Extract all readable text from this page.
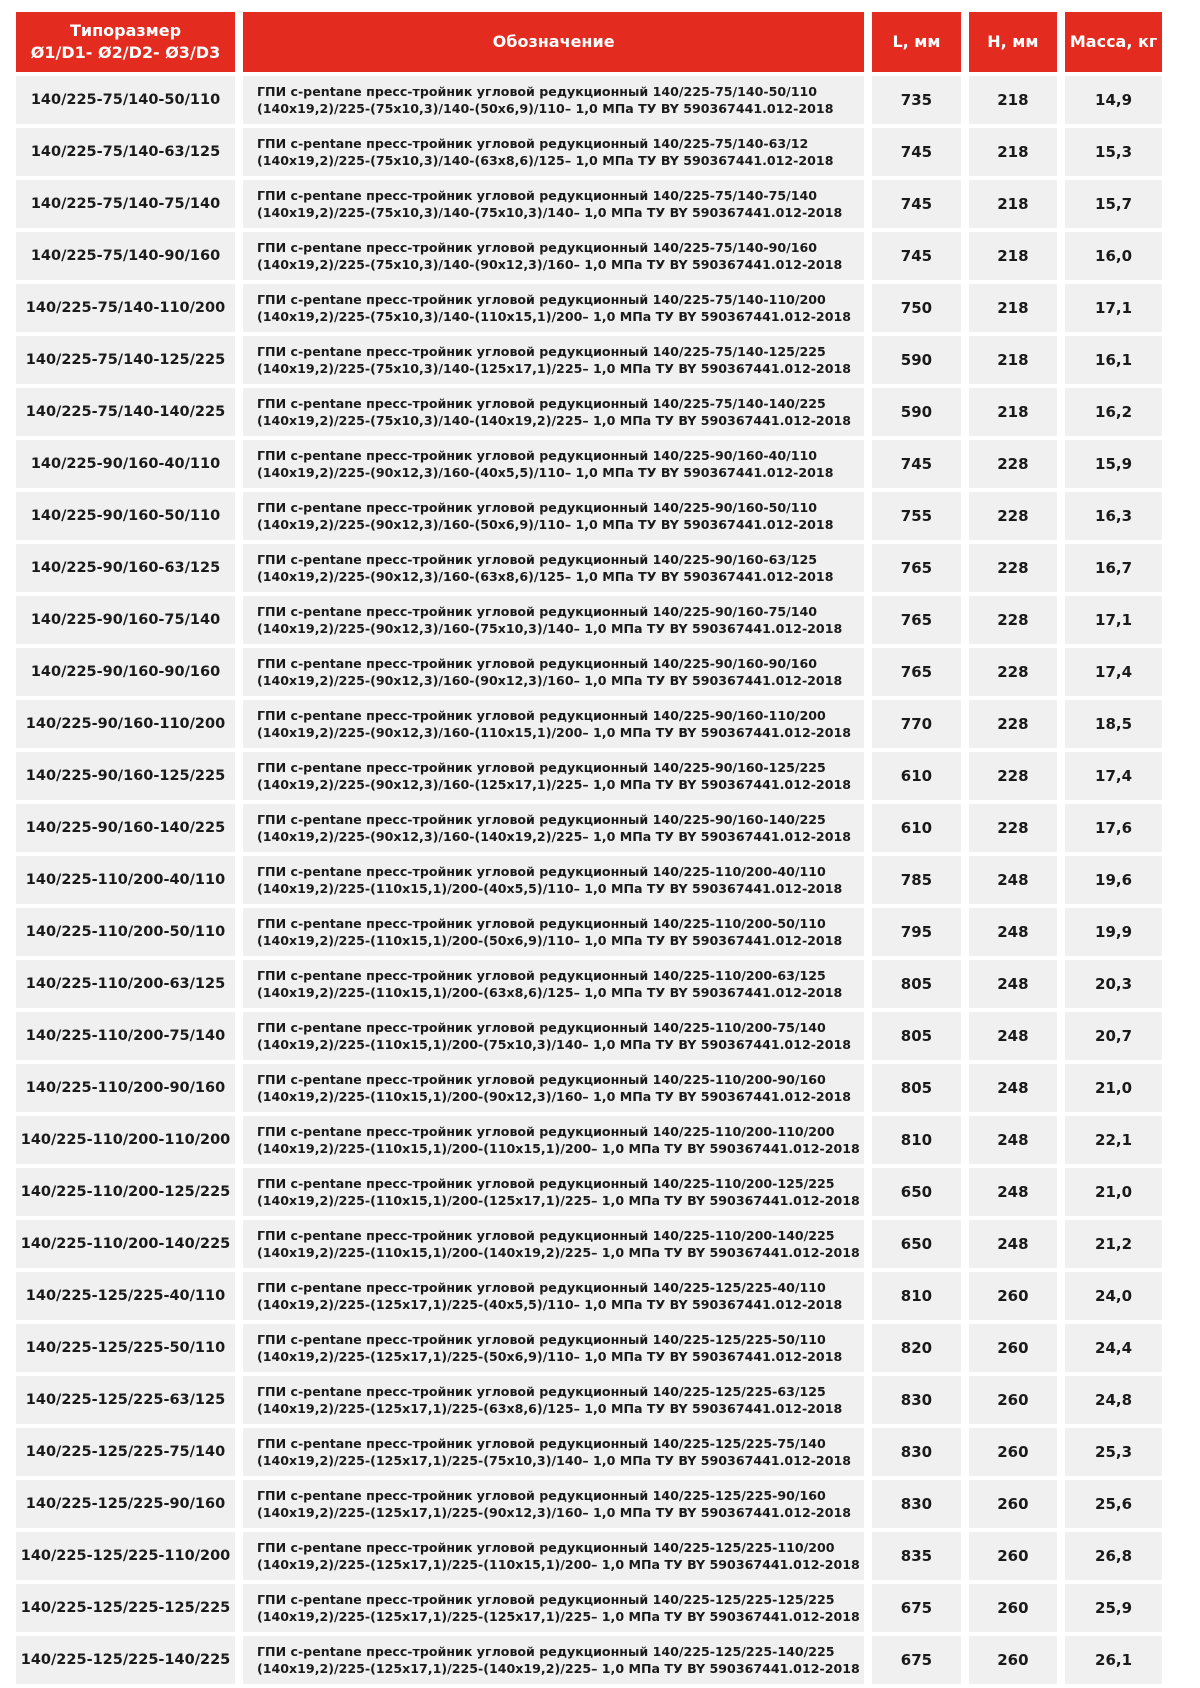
Типоразмер
Ø1/D1- Ø2/D2- Ø3/D3	Обозначение	L, мм	H, мм	Масса, кг
140/225-75/140-50/110	ГПИ c-pentane пресс-тройник угловой редукционный 140/225-75/140-50/110
(140х19,2)/225-(75х10,3)/140-(50х6,9)/110– 1,0 МПа ТУ BY 590367441.012-2018	735	218	14,9
140/225-75/140-63/125	ГПИ c-pentane пресс-тройник угловой редукционный 140/225-75/140-63/12
(140х19,2)/225-(75х10,3)/140-(63х8,6)/125– 1,0 МПа ТУ BY 590367441.012-2018	745	218	15,3
140/225-75/140-75/140	ГПИ c-pentane пресс-тройник угловой редукционный 140/225-75/140-75/140
(140х19,2)/225-(75х10,3)/140-(75х10,3)/140– 1,0 МПа ТУ BY 590367441.012-2018	745	218	15,7
140/225-75/140-90/160	ГПИ c-pentane пресс-тройник угловой редукционный 140/225-75/140-90/160
(140х19,2)/225-(75х10,3)/140-(90х12,3)/160– 1,0 МПа ТУ BY 590367441.012-2018	745	218	16,0
140/225-75/140-110/200	ГПИ c-pentane пресс-тройник угловой редукционный 140/225-75/140-110/200
(140х19,2)/225-(75х10,3)/140-(110х15,1)/200– 1,0 МПа ТУ BY 590367441.012-2018	750	218	17,1
140/225-75/140-125/225	ГПИ c-pentane пресс-тройник угловой редукционный 140/225-75/140-125/225
(140х19,2)/225-(75х10,3)/140-(125х17,1)/225– 1,0 МПа ТУ BY 590367441.012-2018	590	218	16,1
140/225-75/140-140/225	ГПИ c-pentane пресс-тройник угловой редукционный 140/225-75/140-140/225
(140х19,2)/225-(75х10,3)/140-(140х19,2)/225– 1,0 МПа ТУ BY 590367441.012-2018	590	218	16,2
140/225-90/160-40/110	ГПИ c-pentane пресс-тройник угловой редукционный 140/225-90/160-40/110
(140х19,2)/225-(90х12,3)/160-(40х5,5)/110– 1,0 МПа ТУ BY 590367441.012-2018	745	228	15,9
140/225-90/160-50/110	ГПИ c-pentane пресс-тройник угловой редукционный 140/225-90/160-50/110
(140х19,2)/225-(90х12,3)/160-(50х6,9)/110– 1,0 МПа ТУ BY 590367441.012-2018	755	228	16,3
140/225-90/160-63/125	ГПИ c-pentane пресс-тройник угловой редукционный 140/225-90/160-63/125
(140х19,2)/225-(90х12,3)/160-(63х8,6)/125– 1,0 МПа ТУ BY 590367441.012-2018	765	228	16,7
140/225-90/160-75/140	ГПИ c-pentane пресс-тройник угловой редукционный 140/225-90/160-75/140
(140х19,2)/225-(90х12,3)/160-(75х10,3)/140– 1,0 МПа ТУ BY 590367441.012-2018	765	228	17,1
140/225-90/160-90/160	ГПИ c-pentane пресс-тройник угловой редукционный 140/225-90/160-90/160
(140х19,2)/225-(90х12,3)/160-(90х12,3)/160– 1,0 МПа ТУ BY 590367441.012-2018	765	228	17,4
140/225-90/160-110/200	ГПИ c-pentane пресс-тройник угловой редукционный 140/225-90/160-110/200
(140х19,2)/225-(90х12,3)/160-(110х15,1)/200– 1,0 МПа ТУ BY 590367441.012-2018	770	228	18,5
140/225-90/160-125/225	ГПИ c-pentane пресс-тройник угловой редукционный 140/225-90/160-125/225
(140х19,2)/225-(90х12,3)/160-(125х17,1)/225– 1,0 МПа ТУ BY 590367441.012-2018	610	228	17,4
140/225-90/160-140/225	ГПИ c-pentane пресс-тройник угловой редукционный 140/225-90/160-140/225
(140х19,2)/225-(90х12,3)/160-(140х19,2)/225– 1,0 МПа ТУ BY 590367441.012-2018	610	228	17,6
140/225-110/200-40/110	ГПИ c-pentane пресс-тройник угловой редукционный 140/225-110/200-40/110
(140х19,2)/225-(110х15,1)/200-(40х5,5)/110– 1,0 МПа ТУ BY 590367441.012-2018	785	248	19,6
140/225-110/200-50/110	ГПИ c-pentane пресс-тройник угловой редукционный 140/225-110/200-50/110
(140х19,2)/225-(110х15,1)/200-(50х6,9)/110– 1,0 МПа ТУ BY 590367441.012-2018	795	248	19,9
140/225-110/200-63/125	ГПИ c-pentane пресс-тройник угловой редукционный 140/225-110/200-63/125
(140х19,2)/225-(110х15,1)/200-(63х8,6)/125– 1,0 МПа ТУ BY 590367441.012-2018	805	248	20,3
140/225-110/200-75/140	ГПИ c-pentane пресс-тройник угловой редукционный 140/225-110/200-75/140
(140х19,2)/225-(110х15,1)/200-(75х10,3)/140– 1,0 МПа ТУ BY 590367441.012-2018	805	248	20,7
140/225-110/200-90/160	ГПИ c-pentane пресс-тройник угловой редукционный 140/225-110/200-90/160
(140х19,2)/225-(110х15,1)/200-(90х12,3)/160– 1,0 МПа ТУ BY 590367441.012-2018	805	248	21,0
140/225-110/200-110/200	ГПИ c-pentane пресс-тройник угловой редукционный 140/225-110/200-110/200
(140х19,2)/225-(110х15,1)/200-(110х15,1)/200– 1,0 МПа ТУ BY 590367441.012-2018	810	248	22,1
140/225-110/200-125/225	ГПИ c-pentane пресс-тройник угловой редукционный 140/225-110/200-125/225
(140х19,2)/225-(110х15,1)/200-(125х17,1)/225– 1,0 МПа ТУ BY 590367441.012-2018	650	248	21,0
140/225-110/200-140/225	ГПИ c-pentane пресс-тройник угловой редукционный 140/225-110/200-140/225
(140х19,2)/225-(110х15,1)/200-(140х19,2)/225– 1,0 МПа ТУ BY 590367441.012-2018	650	248	21,2
140/225-125/225-40/110	ГПИ c-pentane пресс-тройник угловой редукционный 140/225-125/225-40/110
(140х19,2)/225-(125х17,1)/225-(40х5,5)/110– 1,0 МПа ТУ BY 590367441.012-2018	810	260	24,0
140/225-125/225-50/110	ГПИ c-pentane пресс-тройник угловой редукционный 140/225-125/225-50/110
(140х19,2)/225-(125х17,1)/225-(50х6,9)/110– 1,0 МПа ТУ BY 590367441.012-2018	820	260	24,4
140/225-125/225-63/125	ГПИ c-pentane пресс-тройник угловой редукционный 140/225-125/225-63/125
(140х19,2)/225-(125х17,1)/225-(63х8,6)/125– 1,0 МПа ТУ BY 590367441.012-2018	830	260	24,8
140/225-125/225-75/140	ГПИ c-pentane пресс-тройник угловой редукционный 140/225-125/225-75/140
(140х19,2)/225-(125х17,1)/225-(75х10,3)/140– 1,0 МПа ТУ BY 590367441.012-2018	830	260	25,3
140/225-125/225-90/160	ГПИ c-pentane пресс-тройник угловой редукционный 140/225-125/225-90/160
(140х19,2)/225-(125х17,1)/225-(90х12,3)/160– 1,0 МПа ТУ BY 590367441.012-2018	830	260	25,6
140/225-125/225-110/200	ГПИ c-pentane пресс-тройник угловой редукционный 140/225-125/225-110/200
(140х19,2)/225-(125х17,1)/225-(110х15,1)/200– 1,0 МПа ТУ BY 590367441.012-2018	835	260	26,8
140/225-125/225-125/225	ГПИ c-pentane пресс-тройник угловой редукционный 140/225-125/225-125/225
(140х19,2)/225-(125х17,1)/225-(125х17,1)/225– 1,0 МПа ТУ BY 590367441.012-2018	675	260	25,9
140/225-125/225-140/225	ГПИ c-pentane пресс-тройник угловой редукционный 140/225-125/225-140/225
(140х19,2)/225-(125х17,1)/225-(140х19,2)/225– 1,0 МПа ТУ BY 590367441.012-2018	675	260	26,1
